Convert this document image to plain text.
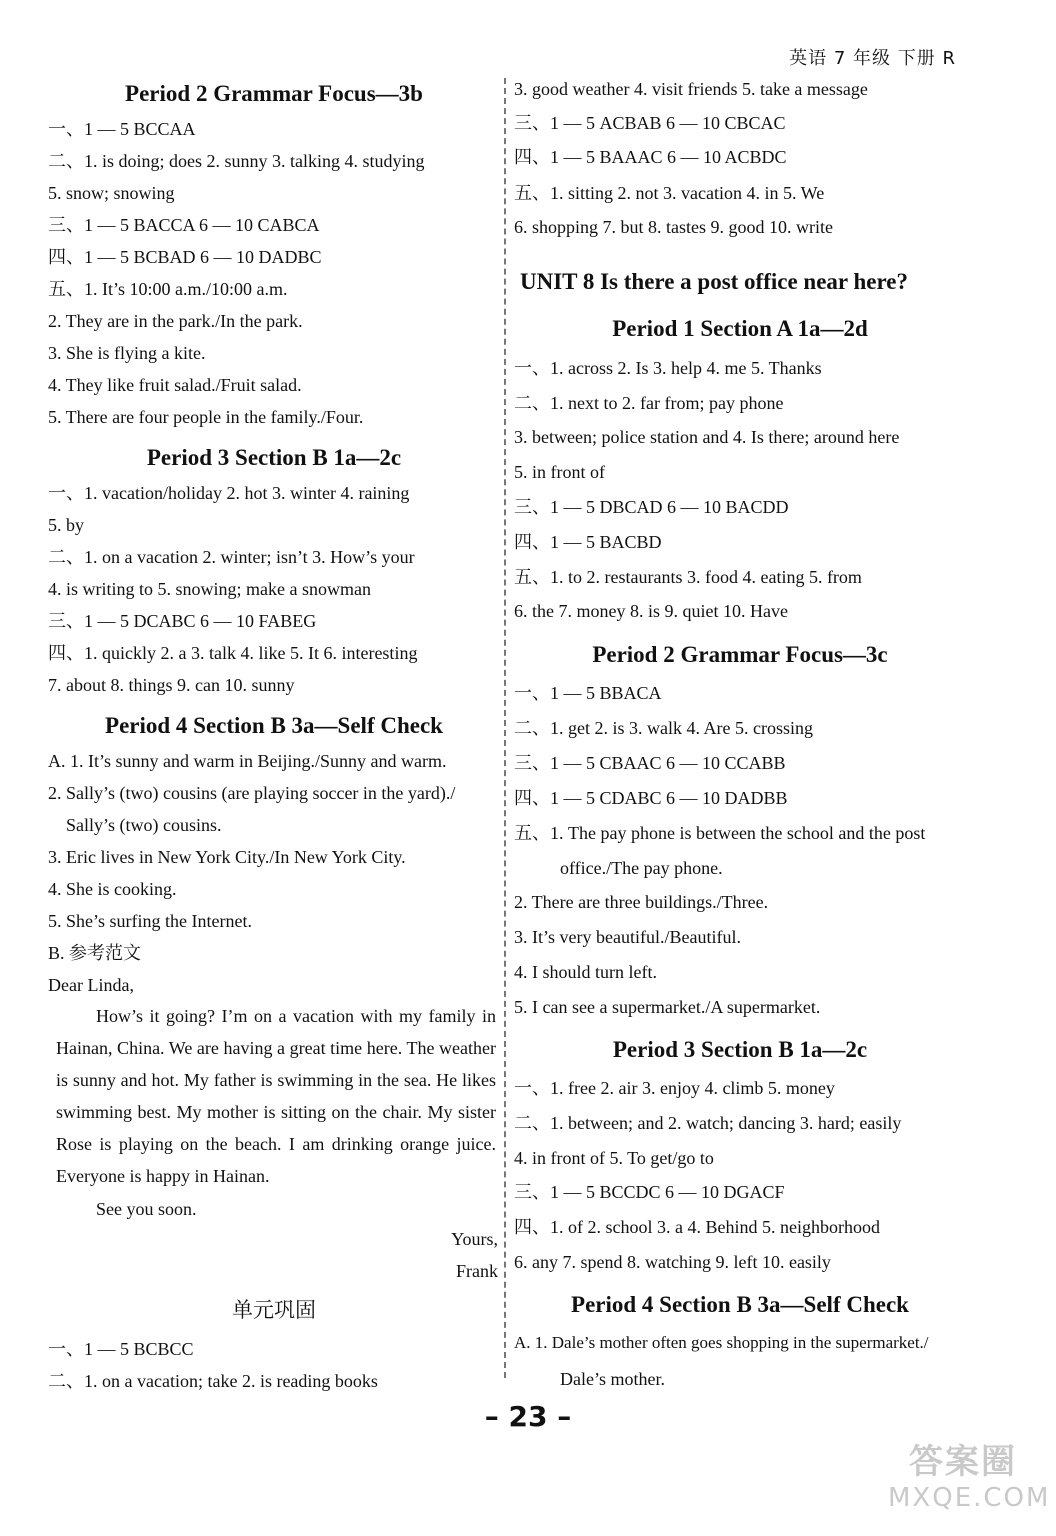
英语 7 年级 下册 R
Period 2 Grammar Focus—3b
一、1 — 5 BCCAA
二、1. is doing; does 2. sunny 3. talking 4. studying
5. snow; snowing
三、1 — 5 BACCA 6 — 10 CABCA
四、1 — 5 BCBAD 6 — 10 DADBC
五、1. It’s 10:00 a.m./10:00 a.m.
2. They are in the park./In the park.
3. She is flying a kite.
4. They like fruit salad./Fruit salad.
5. There are four people in the family./Four.
Period 3 Section B 1a—2c
一、1. vacation/holiday 2. hot 3. winter 4. raining
5. by
二、1. on a vacation 2. winter; isn’t 3. How’s your
4. is writing to 5. snowing; make a snowman
三、1 — 5 DCABC 6 — 10 FABEG
四、1. quickly 2. a 3. talk 4. like 5. It 6. interesting
7. about 8. things 9. can 10. sunny
Period 4 Section B 3a—Self Check
A. 1. It’s sunny and warm in Beijing./Sunny and warm.
2. Sally’s (two) cousins (are playing soccer in the yard)./
Sally’s (two) cousins.
3. Eric lives in New York City./In New York City.
4. She is cooking.
5. She’s surfing the Internet.
B. 参考范文
Dear Linda,
How’s it going? I’m on a vacation with my family in Hainan, China. We are having a great time here. The weather is sunny and hot. My father is swimming in the sea. He likes swimming best. My mother is sitting on the chair. My sister Rose is playing on the beach. I am drinking orange juice. Everyone is happy in Hainan.
See you soon.
Yours,
Frank
单元巩固
一、1 — 5 BCBCC
二、1. on a vacation; take 2. is reading books
3. good weather 4. visit friends 5. take a message
三、1 — 5 ACBAB 6 — 10 CBCAC
四、1 — 5 BAAAC 6 — 10 ACBDC
五、1. sitting 2. not 3. vacation 4. in 5. We
6. shopping 7. but 8. tastes 9. good 10. write
UNIT 8 Is there a post office near here?
Period 1 Section A 1a—2d
一、1. across 2. Is 3. help 4. me 5. Thanks
二、1. next to 2. far from; pay phone
3. between; police station and 4. Is there; around here
5. in front of
三、1 — 5 DBCAD 6 — 10 BACDD
四、1 — 5 BACBD
五、1. to 2. restaurants 3. food 4. eating 5. from
6. the 7. money 8. is 9. quiet 10. Have
Period 2 Grammar Focus—3c
一、1 — 5 BBACA
二、1. get 2. is 3. walk 4. Are 5. crossing
三、1 — 5 CBAAC 6 — 10 CCABB
四、1 — 5 CDABC 6 — 10 DADBB
五、1. The pay phone is between the school and the post
office./The pay phone.
2. There are three buildings./Three.
3. It’s very beautiful./Beautiful.
4. I should turn left.
5. I can see a supermarket./A supermarket.
Period 3 Section B 1a—2c
一、1. free 2. air 3. enjoy 4. climb 5. money
二、1. between; and 2. watch; dancing 3. hard; easily
4. in front of 5. To get/go to
三、1 — 5 BCCDC 6 — 10 DGACF
四、1. of 2. school 3. a 4. Behind 5. neighborhood
6. any 7. spend 8. watching 9. left 10. easily
Period 4 Section B 3a—Self Check
A. 1. Dale’s mother often goes shopping in the supermarket./
Dale’s mother.
– 23 –
答案圈
MXQE.COM
